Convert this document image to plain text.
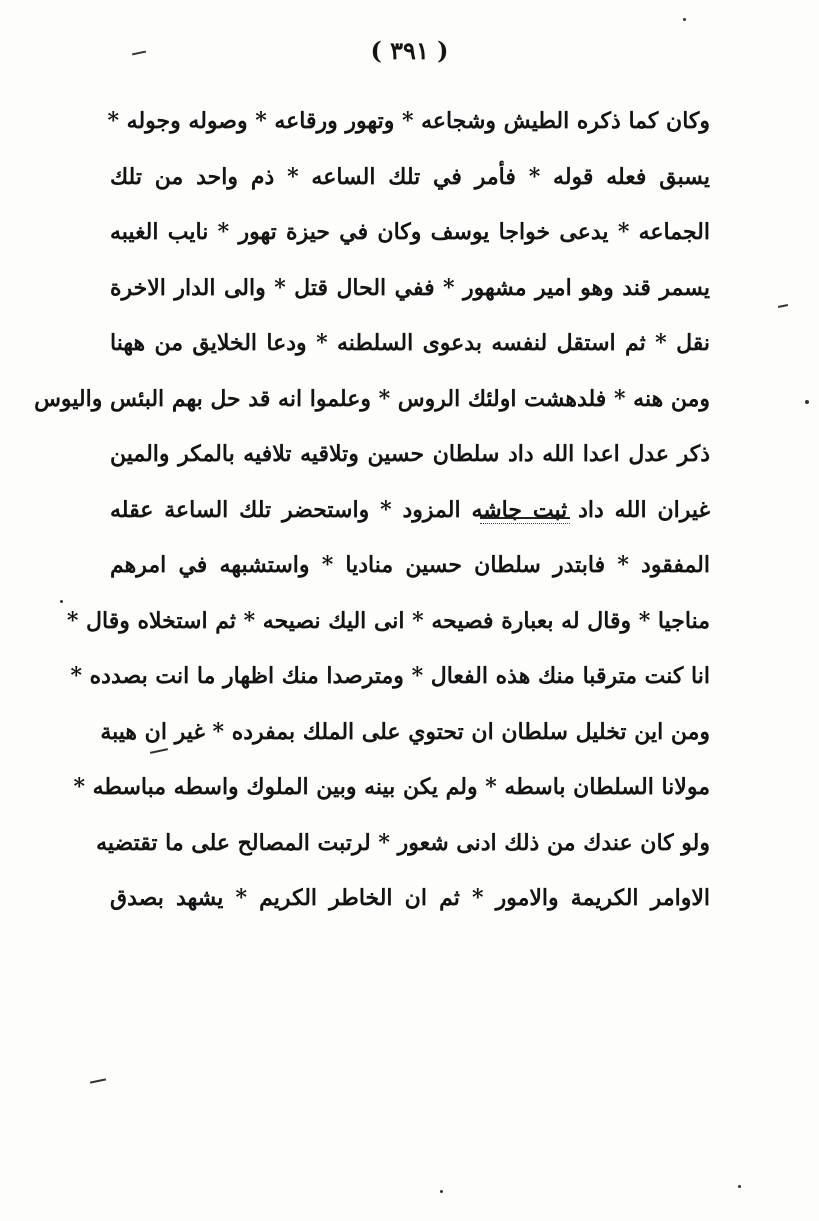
( ٣٩١ )
وكان كما ذكره الطيش وشجاعه * وتهور ورقاعه * وصوله وجوله *
يسبق فعله قوله * فأمر في تلك الساعه * ذم واحد من تلك
الجماعه * يدعى خواجا يوسف وكان في حيزة تهور * نايب الغيبه
يسمر قند وهو امير مشهور * ففي الحال قتل * والى الدار الاخرة
نقل * ثم استقل لنفسه بدعوى السلطنه * ودعا الخلايق من ههنا
ومن هنه * فلدهشت اولئك الروس * وعلموا انه قد حل بهم البئس واليوس
ذكر عدل اعدا الله داد سلطان حسين وتلاقيه تلافيه بالمكر والمين
غيران الله داد ثبت جاشه المزود * واستحضر تلك الساعة عقله
المفقود * فابتدر سلطان حسين مناديا * واستشبهه في امرهم
مناجيا * وقال له بعبارة فصيحه * انى اليك نصيحه * ثم استخلاه وقال *
انا كنت مترقبا منك هذه الفعال * ومترصدا منك اظهار ما انت بصدده *
ومن اين تخليل سلطان ان تحتوي على الملك بمفرده * غير ان هيبة
مولانا السلطان باسطه * ولم يكن بينه وبين الملوك واسطه مباسطه *
ولو كان عندك من ذلك ادنى شعور * لرتبت المصالح على ما تقتضيه
الاوامر الكريمة والامور * ثم ان الخاطر الكريم * يشهد بصدق
